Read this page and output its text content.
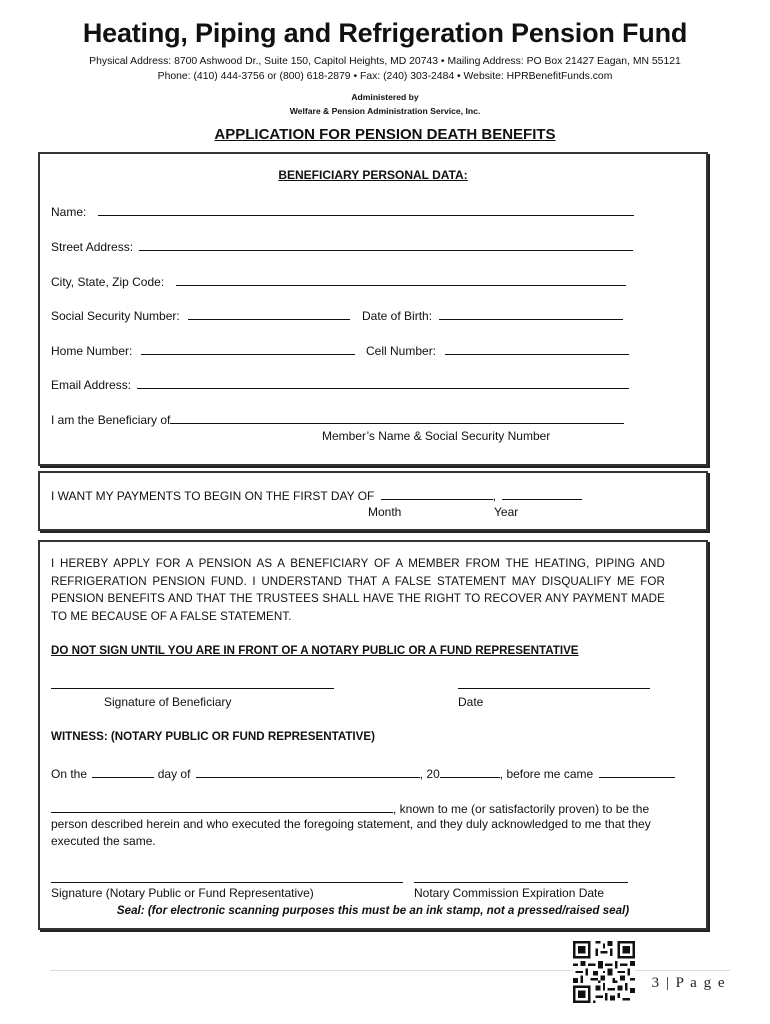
Heating, Piping and Refrigeration Pension Fund
Physical Address: 8700 Ashwood Dr., Suite 150, Capitol Heights, MD 20743 • Mailing Address: PO Box 21427 Eagan, MN 55121
Phone: (410) 444-3756 or (800) 618-2879 • Fax: (240) 303-2484 • Website: HPRBenefitFunds.com
Administered by
Welfare & Pension Administration Service, Inc.
APPLICATION FOR PENSION DEATH BENEFITS
BENEFICIARY PERSONAL DATA:
Name:
Street Address:
City, State, Zip Code:
Social Security Number:	Date of Birth:
Home Number:	Cell Number:
Email Address:
I am the Beneficiary of
Member’s Name & Social Security Number
I WANT MY PAYMENTS TO BEGIN ON THE FIRST DAY OF	,
Month	Year
I HEREBY APPLY FOR A PENSION AS A BENEFICIARY OF A MEMBER FROM THE HEATING, PIPING AND REFRIGERATION PENSION FUND. I UNDERSTAND THAT A FALSE STATEMENT MAY DISQUALIFY ME FOR PENSION BENEFITS AND THAT THE TRUSTEES SHALL HAVE THE RIGHT TO RECOVER ANY PAYMENT MADE TO ME BECAUSE OF A FALSE STATEMENT.
DO NOT SIGN UNTIL YOU ARE IN FRONT OF A NOTARY PUBLIC OR A FUND REPRESENTATIVE
Signature of Beneficiary	Date
WITNESS: (NOTARY PUBLIC OR FUND REPRESENTATIVE)
On the	day of	, 20	, before me came
, known to me (or satisfactorily proven) to be the
person described herein and who executed the foregoing statement, and they duly acknowledged to me that they executed the same.
Signature (Notary Public or Fund Representative)	Notary Commission Expiration Date
Seal: (for electronic scanning purposes this must be an ink stamp, not a pressed/raised seal)
3 | P a g e
